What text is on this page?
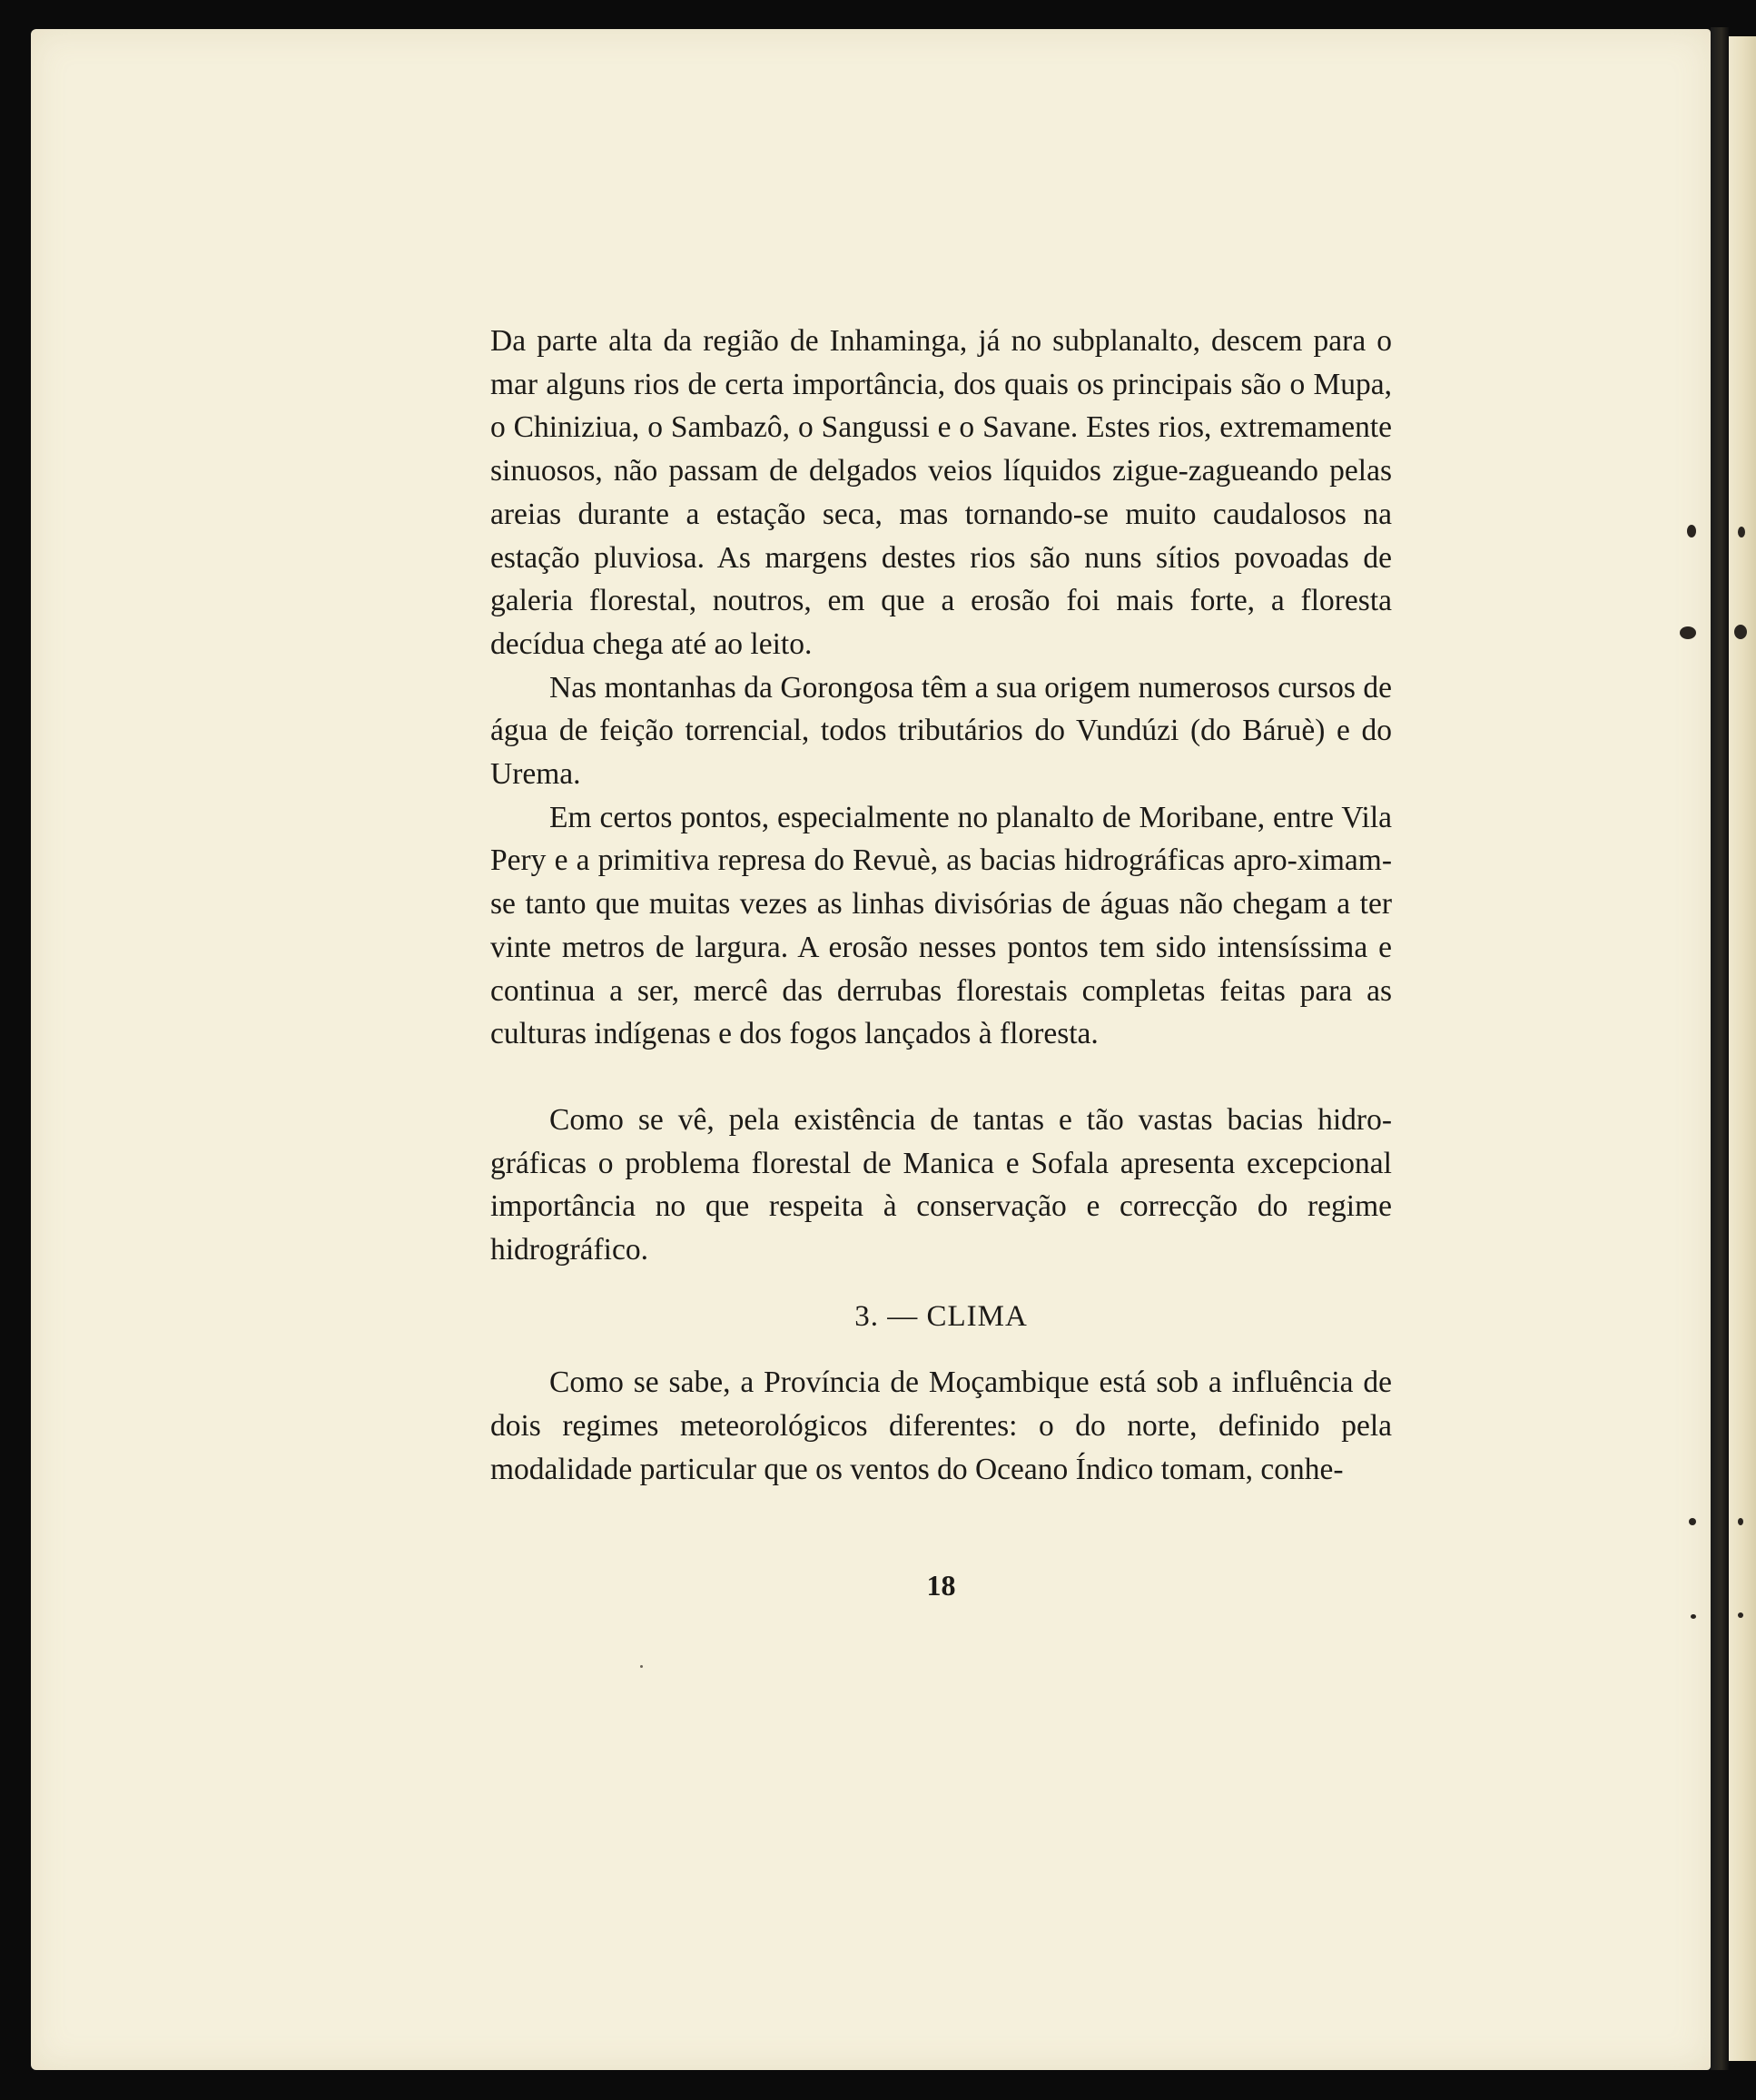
Da parte alta da região de Inhaminga, já no subplanalto, descem para o mar alguns rios de certa importância, dos quais os principais são o Mupa, o Chiniziua, o Sambazô, o Sangussi e o Savane. Estes rios, extremamente sinuosos, não passam de delgados veios líquidos zigue-zagueando pelas areias durante a estação seca, mas tornando-se muito caudalosos na estação pluviosa. As margens destes rios são nuns sítios povoadas de galeria florestal, noutros, em que a erosão foi mais forte, a floresta decídua chega até ao leito.

Nas montanhas da Gorongosa têm a sua origem numerosos cursos de água de feição torrencial, todos tributários do Vundúzi (do Báruè) e do Urema.

Em certos pontos, especialmente no planalto de Moribane, entre Vila Pery e a primitiva represa do Revuè, as bacias hidrográficas apro-ximam-se tanto que muitas vezes as linhas divisórias de águas não chegam a ter vinte metros de largura. A erosão nesses pontos tem sido intensíssima e continua a ser, mercê das derrubas florestais completas feitas para as culturas indígenas e dos fogos lançados à floresta.

Como se vê, pela existência de tantas e tão vastas bacias hidro-gráficas o problema florestal de Manica e Sofala apresenta excepcional importância no que respeita à conservação e correcção do regime hidrográfico.

3. — CLIMA

Como se sabe, a Província de Moçambique está sob a influência de dois regimes meteorológicos diferentes: o do norte, definido pela modalidade particular que os ventos do Oceano Índico tomam, conhe-

18
